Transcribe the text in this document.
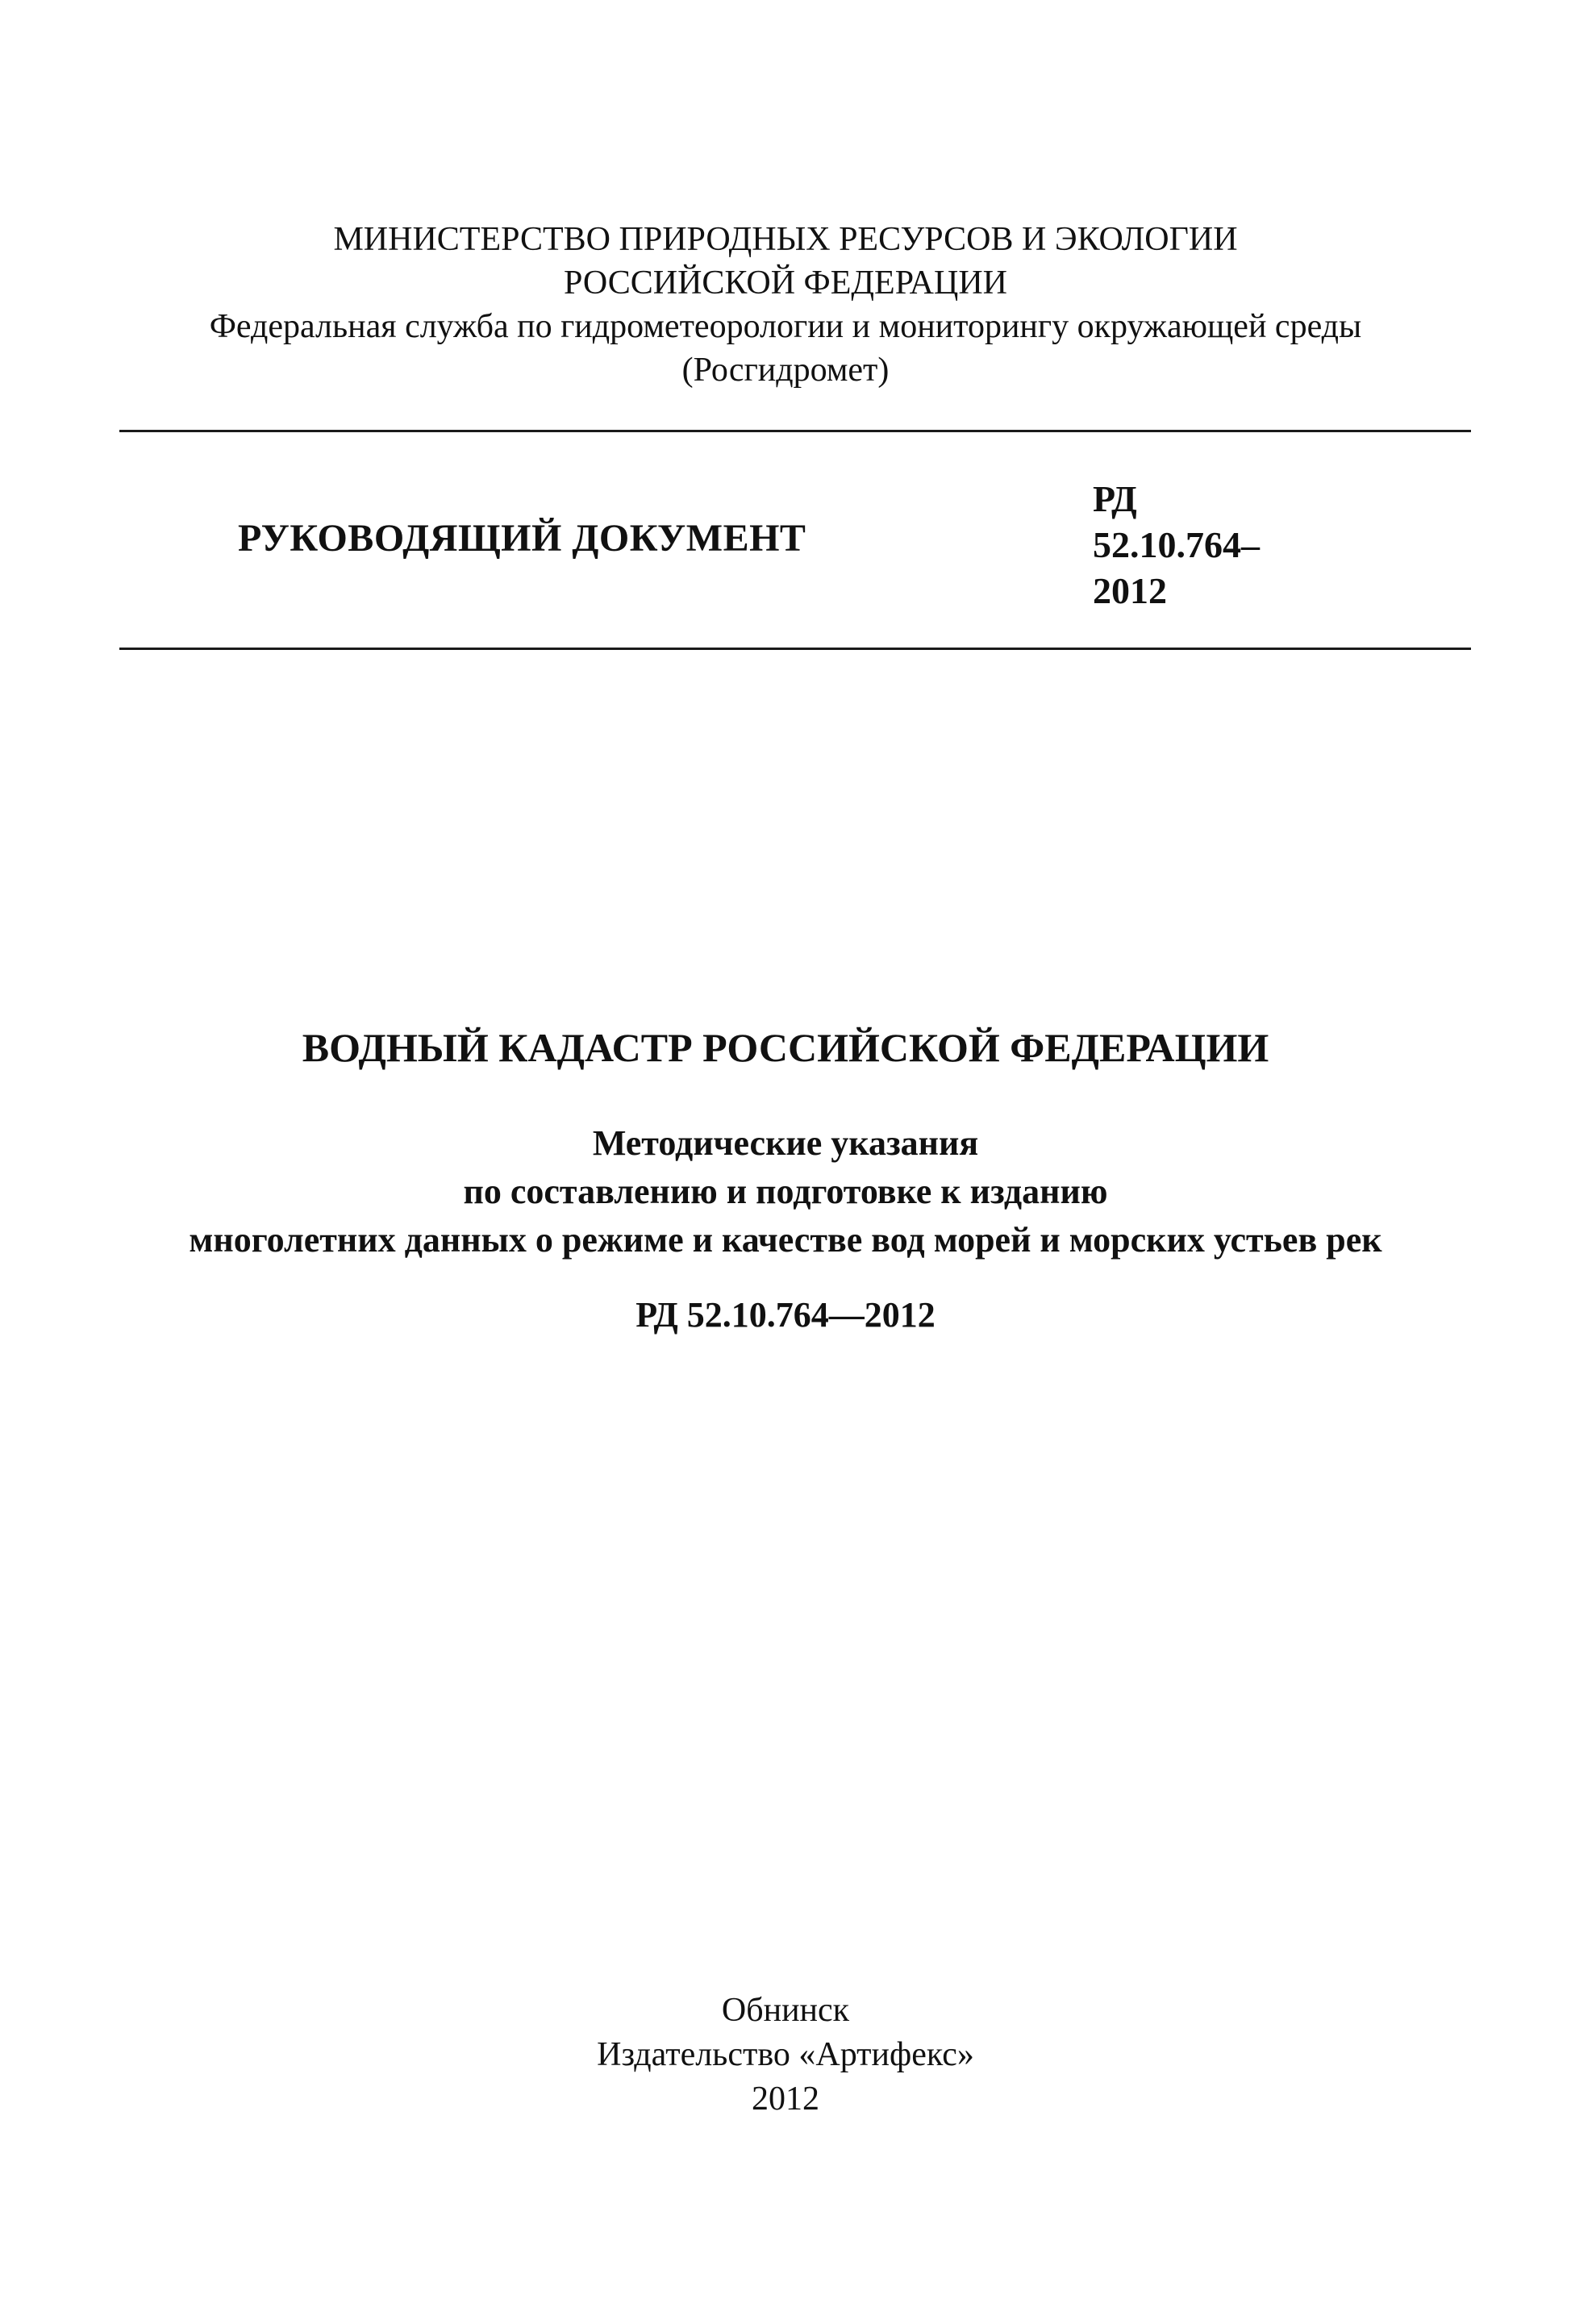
МИНИСТЕРСТВО ПРИРОДНЫХ РЕСУРСОВ И ЭКОЛОГИИ
РОССИЙСКОЙ ФЕДЕРАЦИИ
Федеральная служба по гидрометеорологии и мониторингу окружающей среды
(Росгидромет)
РУКОВОДЯЩИЙ ДОКУМЕНТ
РД
52.10.764–
2012
ВОДНЫЙ КАДАСТР РОССИЙСКОЙ ФЕДЕРАЦИИ
Методические указания
по составлению и подготовке к изданию
многолетних данных о режиме и качестве вод морей и морских устьев рек
РД 52.10.764—2012
Обнинск
Издательство «Артифекс»
2012
